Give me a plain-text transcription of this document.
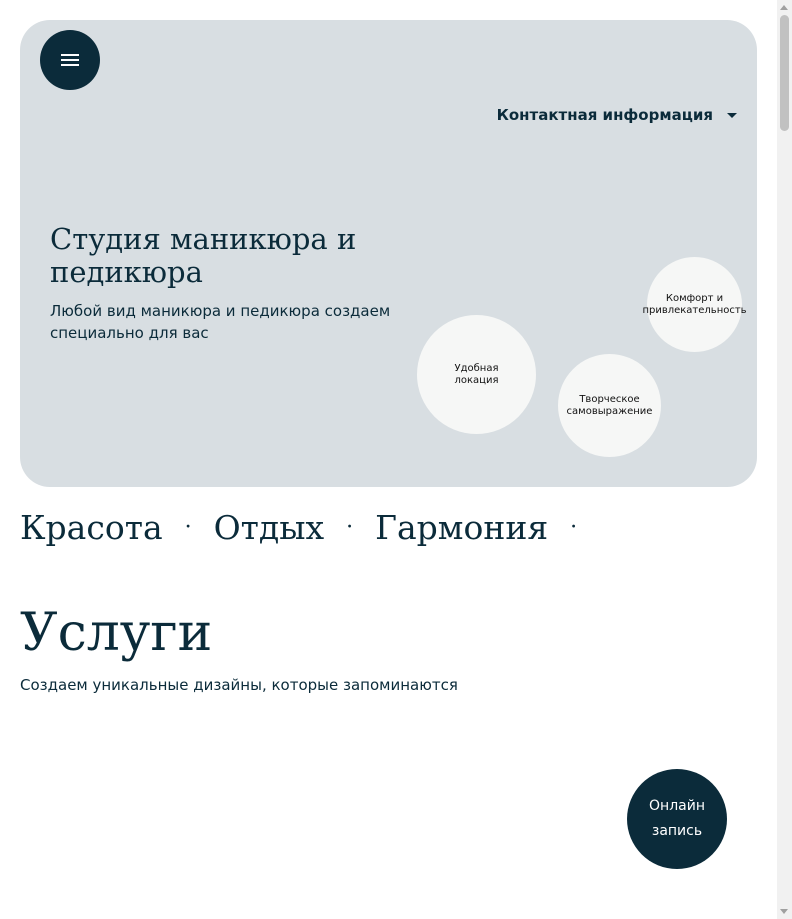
Контактная информация
Студия маникюра и педикюра

Любой вид маникюра и педикюра создаем специально для вас

Удобная локация
Творческое самовыражение
Комфорт и привлекательность
Красота · Отдых · Гармония ·
Услуги

Создаем уникальные дизайны, которые запоминаются

Онлайн запись
